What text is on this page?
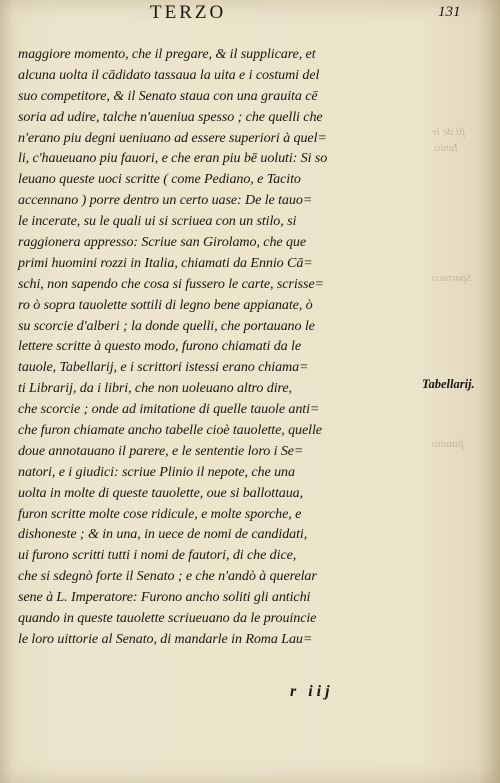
TERZO	131
ſti de le
Iunio.
Spartaco
ſtatuito
maggiore momento, che il pregare, & il supplicare, et
alcuna uolta il cādidato tassaua la uita e i costumi del
suo competitore, & il Senato staua con una grauita cē
soria ad udire, talche n'aueniua spesso ; che quelli che
n'erano piu degni ueniuano ad essere superiori à quel=
li, c'haueuano piu fauori, e che eran piu bē uoluti: Si so
leuano queste uoci scritte ( come Pediano, e Tacito
accennano ) porre dentro un certo uase: De le tauo=
le incerate, su le quali ui si scriuea con un stilo, si
raggionera appresso: Scriue san Girolamo, che que
primi huomini rozzi in Italia, chiamati da Ennio Cā=
schi, non sapendo che cosa si fussero le carte, scrisse=
ro ò sopra tauolette sottili di legno bene appianate, ò
su scorcie d'alberi ; la donde quelli, che portauano le
lettere scritte à questo modo, furono chiamati da le
tauole, Tabellarij, e i scrittori istessi erano chiama=
ti Librarij, da i libri, che non uoleuano altro dire,
che scorcie ; onde ad imitatione di quelle tauole anti=
che furon chiamate ancho tabelle cioè tauolette, quelle
doue annotauano il parere, e le sententie loro i Se=
natori, e i giudici: scriue Plinio il nepote, che una
uolta in molte di queste tauolette, oue si ballottaua,
furon scritte molte cose ridicule, e molte sporche, e
dishoneste ; & in una, in uece de nomi de candidati,
ui furono scritti tutti i nomi de fautori, di che dice,
che si sdegnò forte il Senato ; e che n'andò à querelar
sene à L. Imperatore: Furono ancho soliti gli antichi
quando in queste tauolette scriueuano da le prouincie
le loro uittorie al Senato, di mandarle in Roma Lau=
Tabellarij.
r iij
